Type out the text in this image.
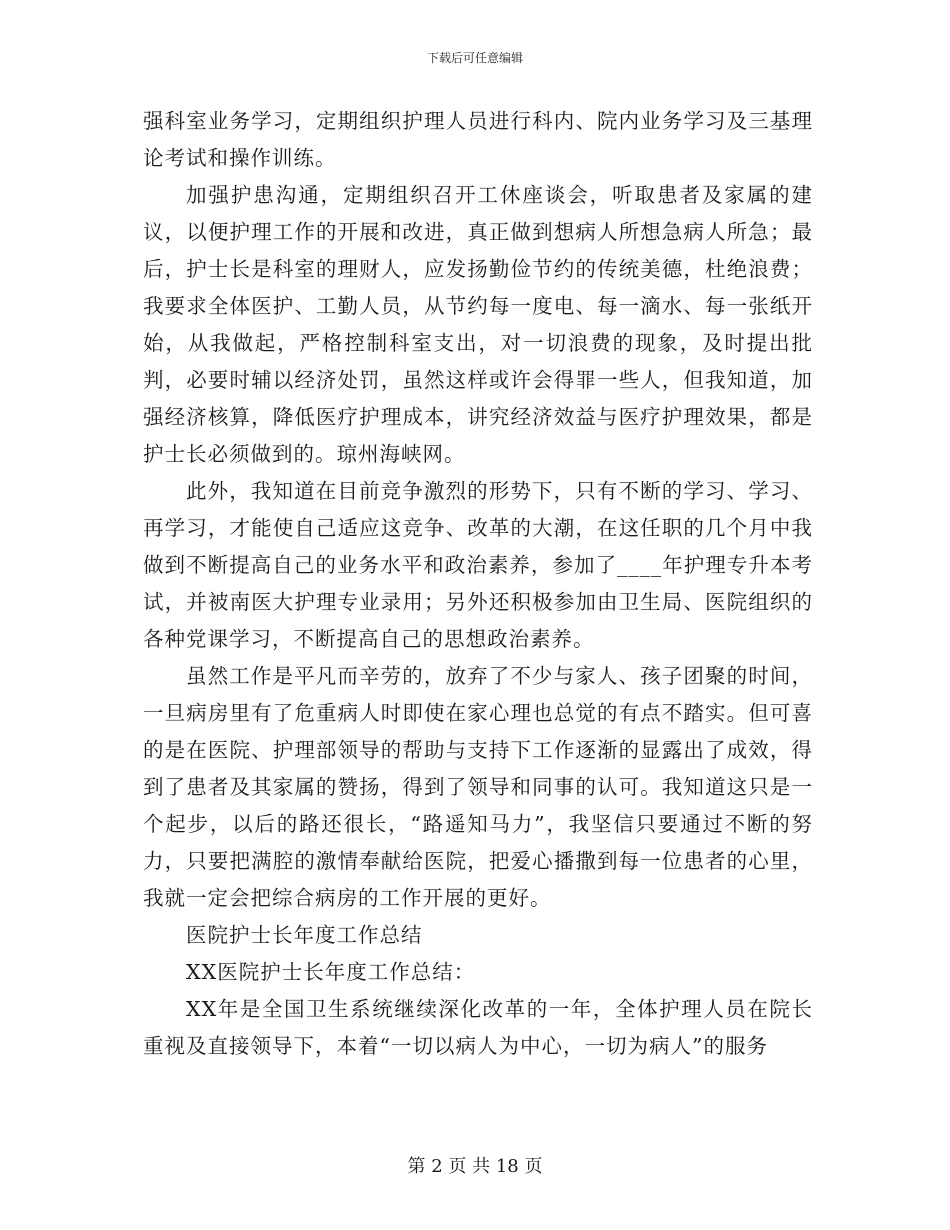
下载后可任意编辑

强科室业务学习，定期组织护理人员进行科内、院内业务学习及三基理论考试和操作训练。

加强护患沟通，定期组织召开工休座谈会，听取患者及家属的建议，以便护理工作的开展和改进，真正做到想病人所想急病人所急；最后，护士长是科室的理财人，应发扬勤俭节约的传统美德，杜绝浪费；我要求全体医护、工勤人员，从节约每一度电、每一滴水、每一张纸开始，从我做起，严格控制科室支出，对一切浪费的现象，及时提出批判，必要时辅以经济处罚，虽然这样或许会得罪一些人，但我知道，加强经济核算，降低医疗护理成本，讲究经济效益与医疗护理效果，都是护士长必须做到的。琼州海峡网。

此外，我知道在目前竞争激烈的形势下，只有不断的学习、学习、再学习，才能使自己适应这竞争、改革的大潮，在这任职的几个月中我做到不断提高自己的业务水平和政治素养，参加了____年护理专升本考试，并被南医大护理专业录用；另外还积极参加由卫生局、医院组织的各种党课学习，不断提高自己的思想政治素养。

虽然工作是平凡而辛劳的，放弃了不少与家人、孩子团聚的时间，一旦病房里有了危重病人时即使在家心理也总觉的有点不踏实。但可喜的是在医院、护理部领导的帮助与支持下工作逐渐的显露出了成效，得到了患者及其家属的赞扬，得到了领导和同事的认可。我知道这只是一个起步，以后的路还很长，“路遥知马力”，我坚信只要通过不断的努力，只要把满腔的激情奉献给医院，把爱心播撒到每一位患者的心里，我就一定会把综合病房的工作开展的更好。

医院护士长年度工作总结

XX医院护士长年度工作总结：

XX年是全国卫生系统继续深化改革的一年，全体护理人员在院长重视及直接领导下，本着“一切以病人为中心，一切为病人”的服务

第 2 页 共 18 页
